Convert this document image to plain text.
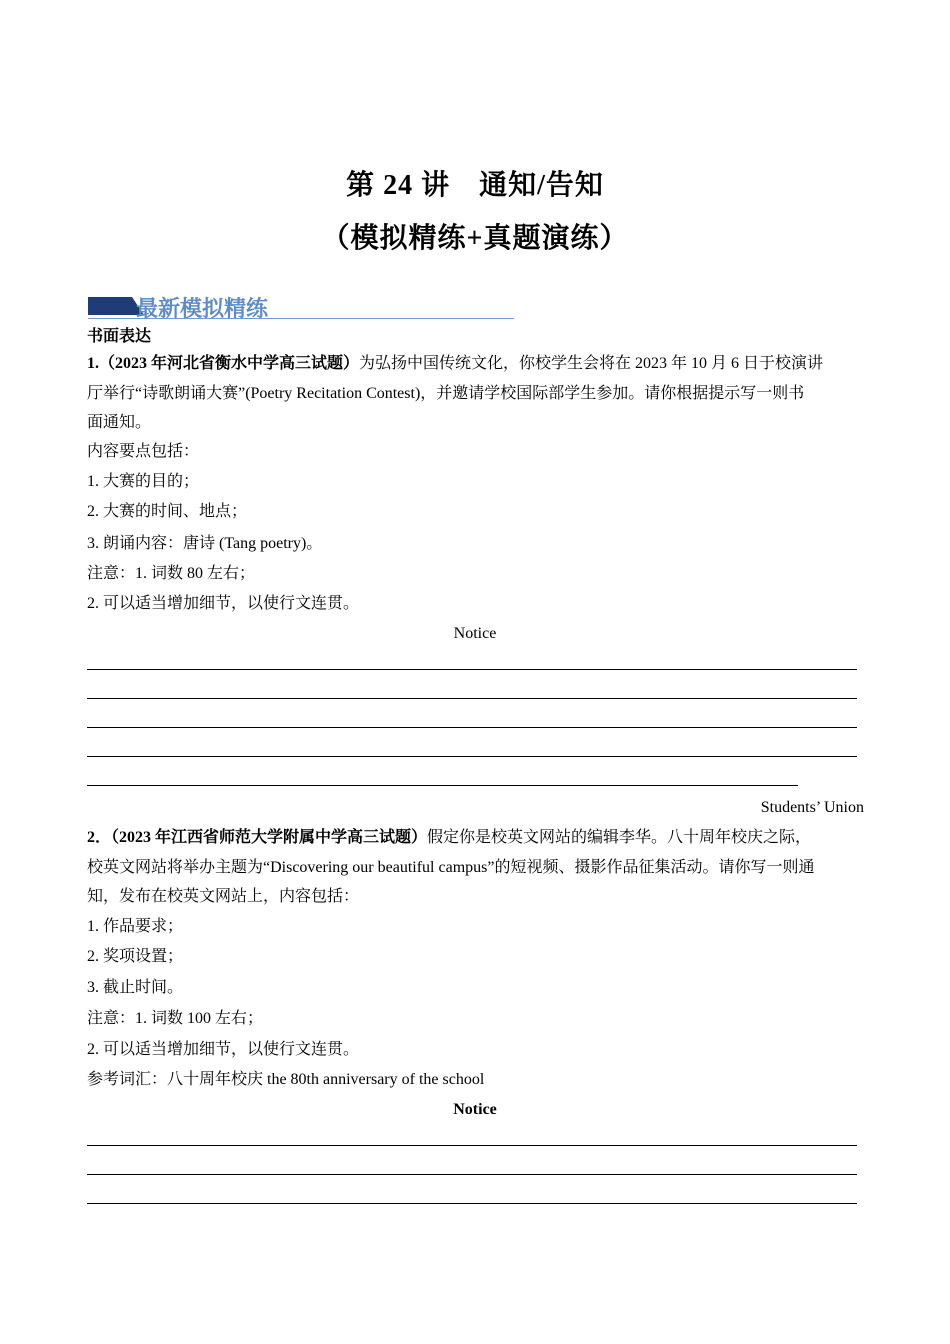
第 24 讲　通知/告知
（模拟精练+真题演练）
最新模拟精练
书面表达
1.（2023 年河北省衡水中学高三试题）为弘扬中国传统文化，你校学生会将在 2023 年 10 月 6 日于校演讲
厅举行“诗歌朗诵大赛”(Poetry Recitation Contest)，并邀请学校国际部学生参加。请你根据提示写一则书
面通知。
内容要点包括：
1. 大赛的目的；
2. 大赛的时间、地点；
3. 朗诵内容：唐诗 (Tang poetry)。
注意：1. 词数 80 左右；
2. 可以适当增加细节，以使行文连贯。
Notice
Students’ Union
2．（2023 年江西省师范大学附属中学高三试题）假定你是校英文网站的编辑李华。八十周年校庆之际，
校英文网站将举办主题为“Discovering our beautiful campus”的短视频、摄影作品征集活动。请你写一则通
知，发布在校英文网站上，内容包括：
1. 作品要求；
2. 奖项设置；
3. 截止时间。
注意：1. 词数 100 左右；
2. 可以适当增加细节，以使行文连贯。
参考词汇：八十周年校庆 the 80th anniversary of the school
Notice
